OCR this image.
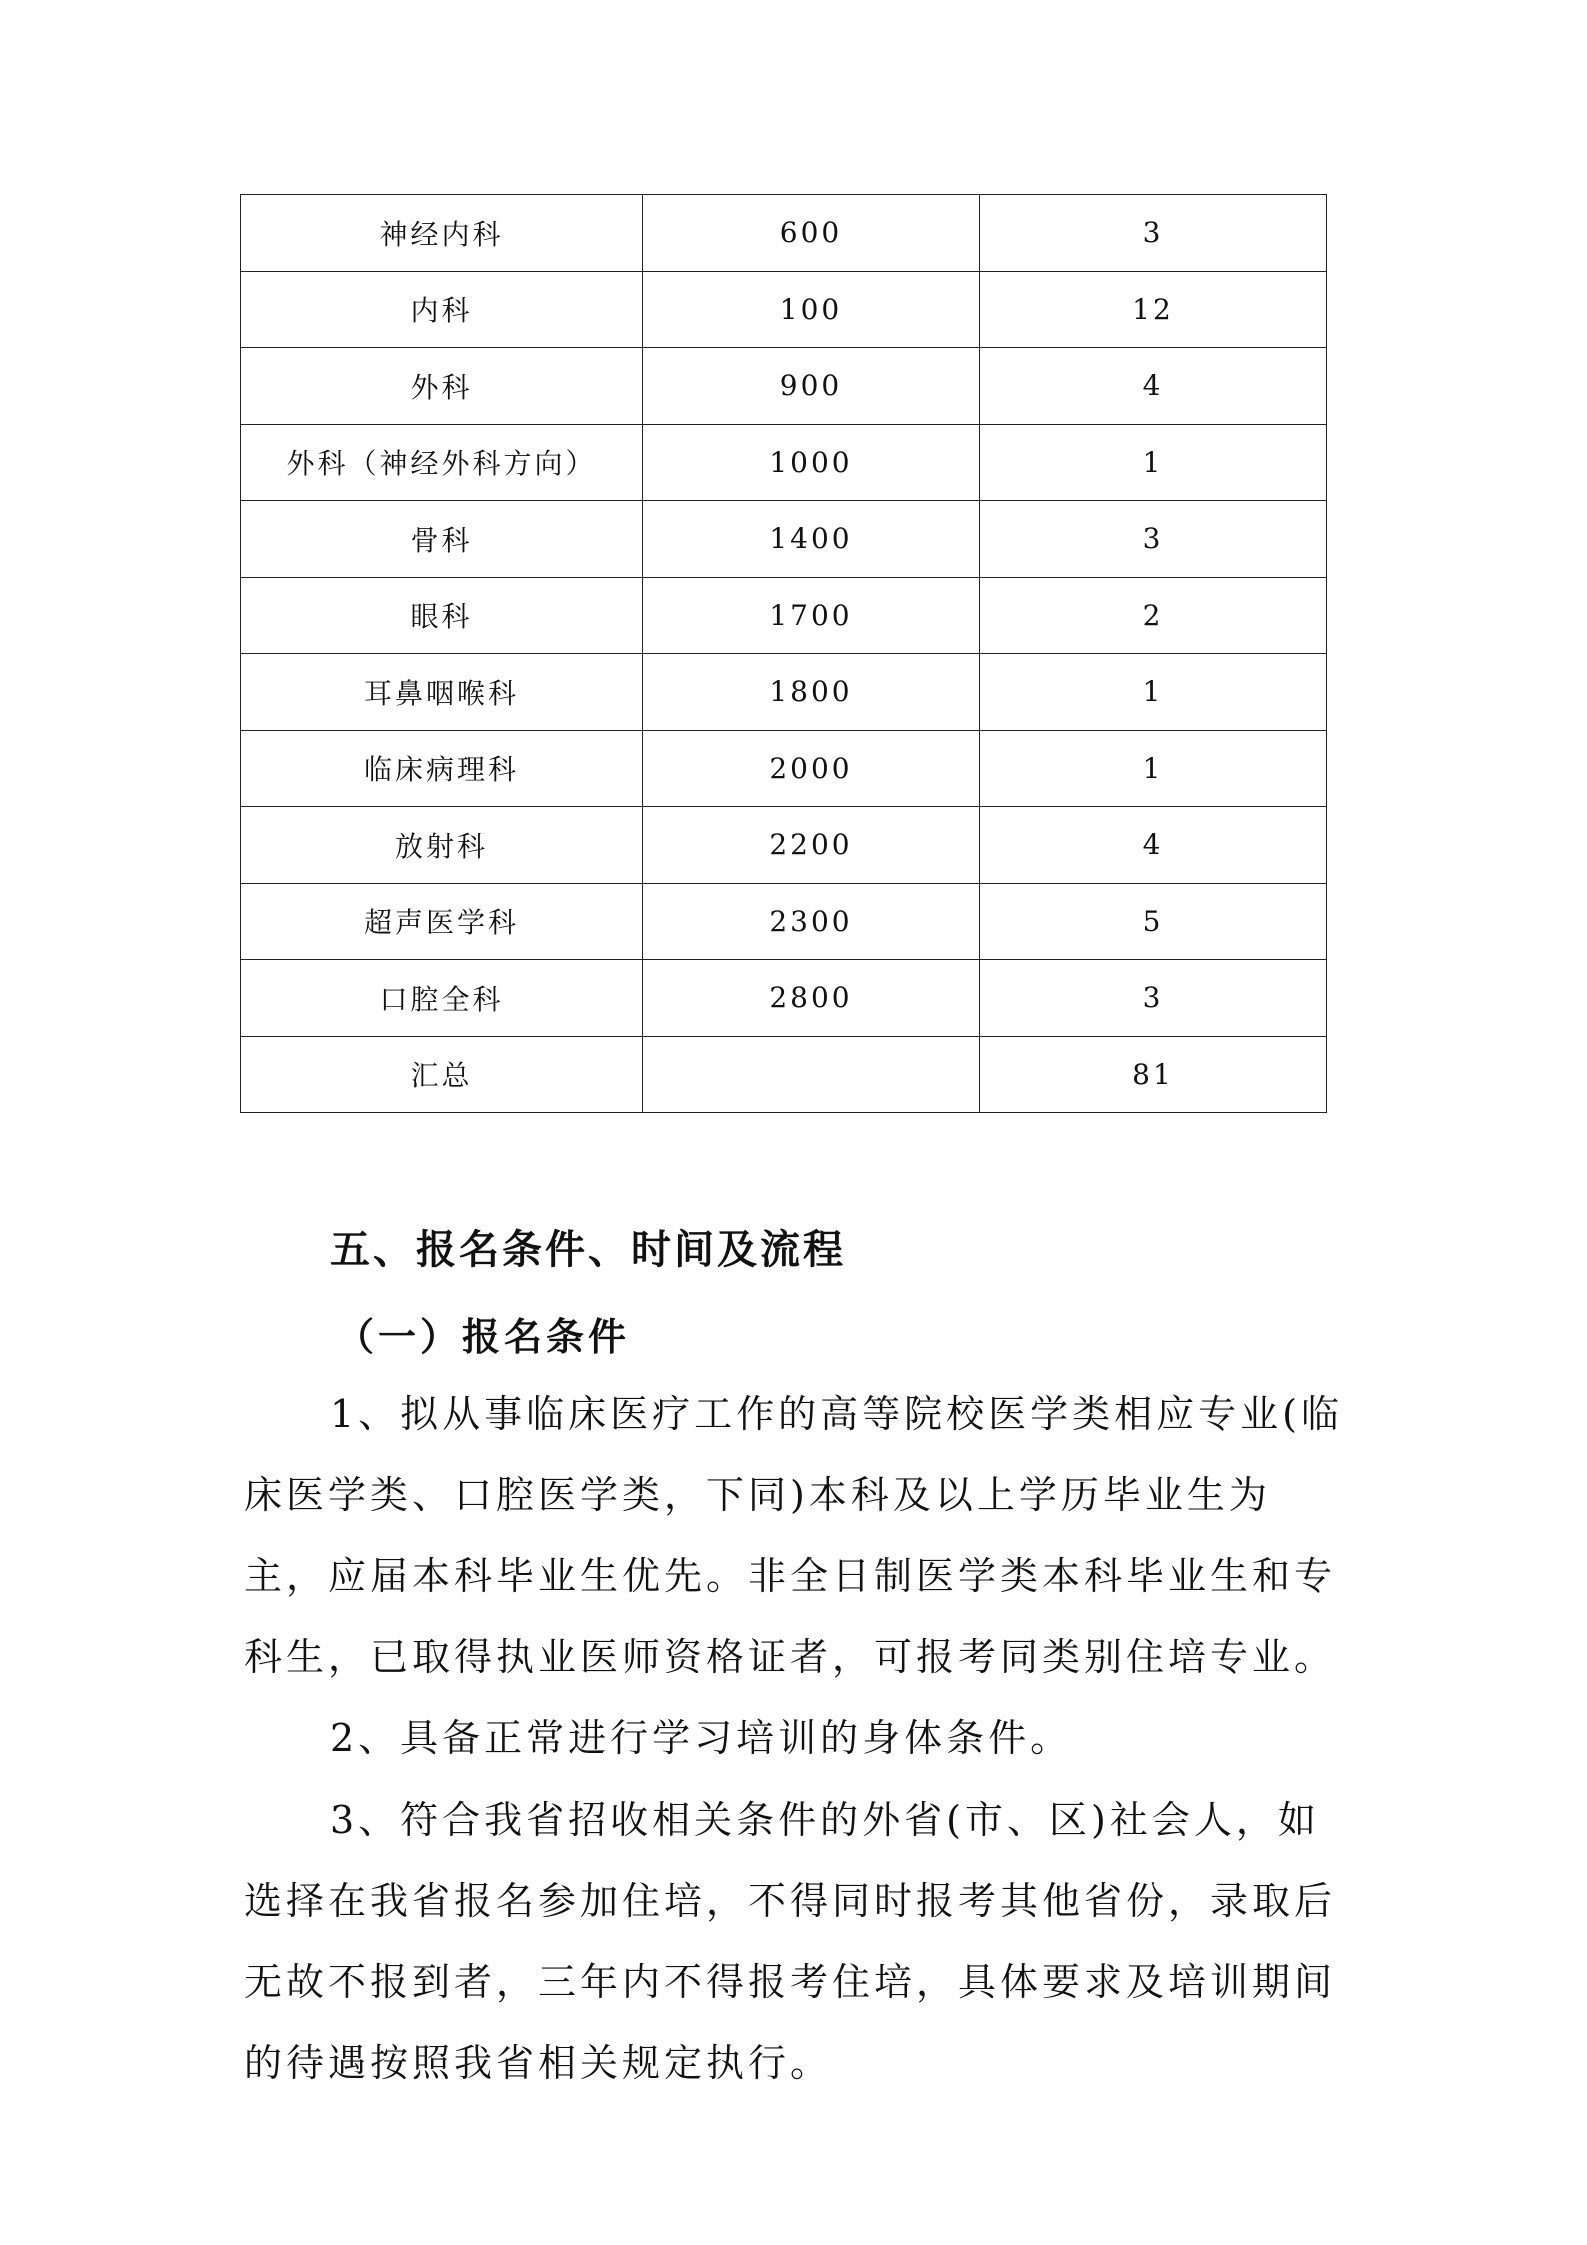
神经内科	600	3
内科	100	12
外科	900	4
外科（神经外科方向）	1000	1
骨科	1400	3
眼科	1700	2
耳鼻咽喉科	1800	1
临床病理科	2000	1
放射科	2200	4
超声医学科	2300	5
口腔全科	2800	3
汇总		81
五、报名条件、时间及流程
（一）报名条件

1、拟从事临床医疗工作的高等院校医学类相应专业(临床医学类、口腔医学类，下同)本科及以上学历毕业生为主，应届本科毕业生优先。非全日制医学类本科毕业生和专科生，已取得执业医师资格证者，可报考同类别住培专业。

2、具备正常进行学习培训的身体条件。

3、符合我省招收相关条件的外省(市、区)社会人，如选择在我省报名参加住培，不得同时报考其他省份，录取后无故不报到者，三年内不得报考住培，具体要求及培训期间的待遇按照我省相关规定执行。
